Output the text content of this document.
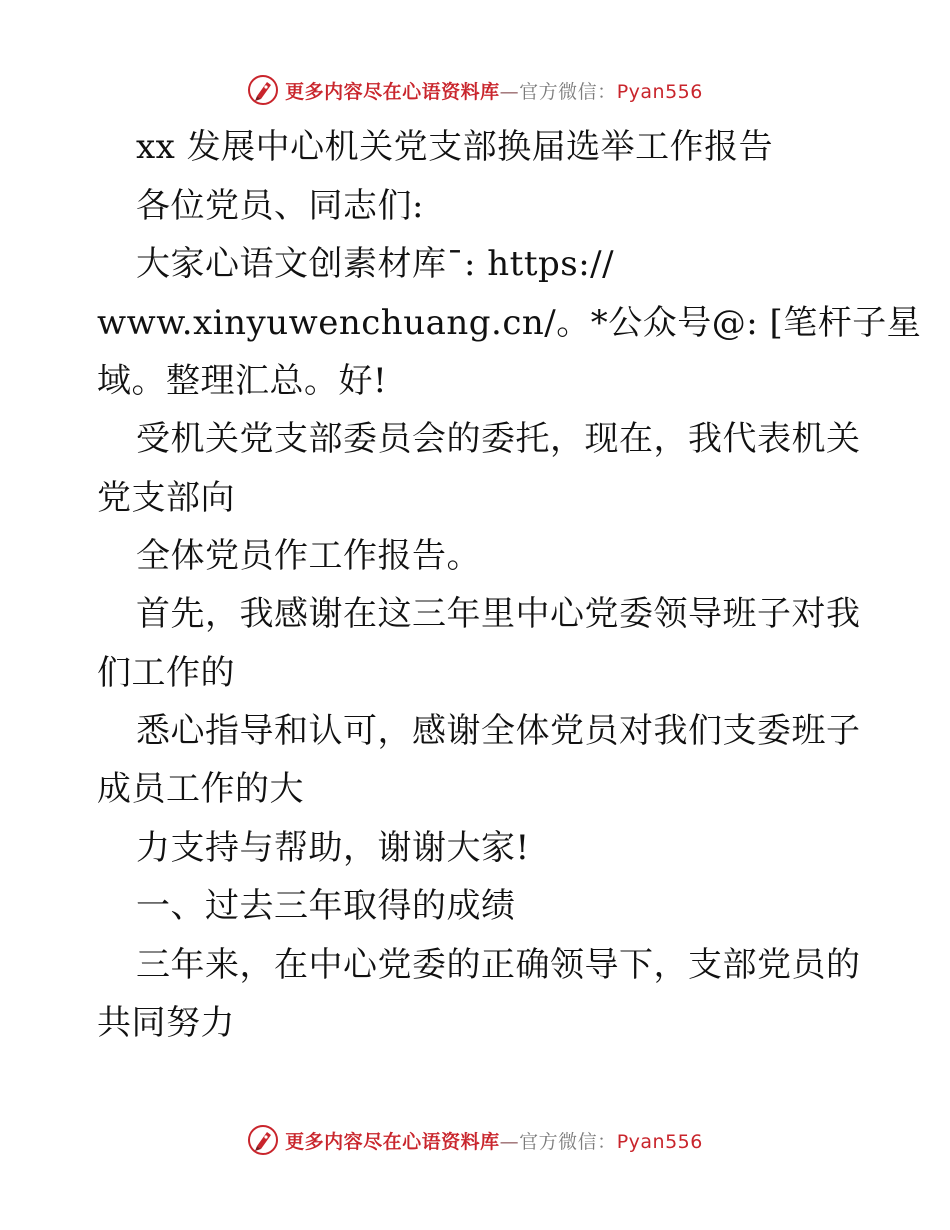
更多内容尽在心语资料库—官方微信：Pyan556
xx 发展中心机关党支部换届选举工作报告
各位党员、同志们:
大家心语文创素材库¯: https://
www.xinyuwenchuang.cn/。*公众号@: [笔杆子星
域。整理汇总。好!
受机关党支部委员会的委托，现在，我代表机关
党支部向
全体党员作工作报告。
首先，我感谢在这三年里中心党委领导班子对我
们工作的
悉心指导和认可，感谢全体党员对我们支委班子
成员工作的大
力支持与帮助，谢谢大家!
一、过去三年取得的成绩
三年来，在中心党委的正确领导下，支部党员的
共同努力
更多内容尽在心语资料库—官方微信：Pyan556
